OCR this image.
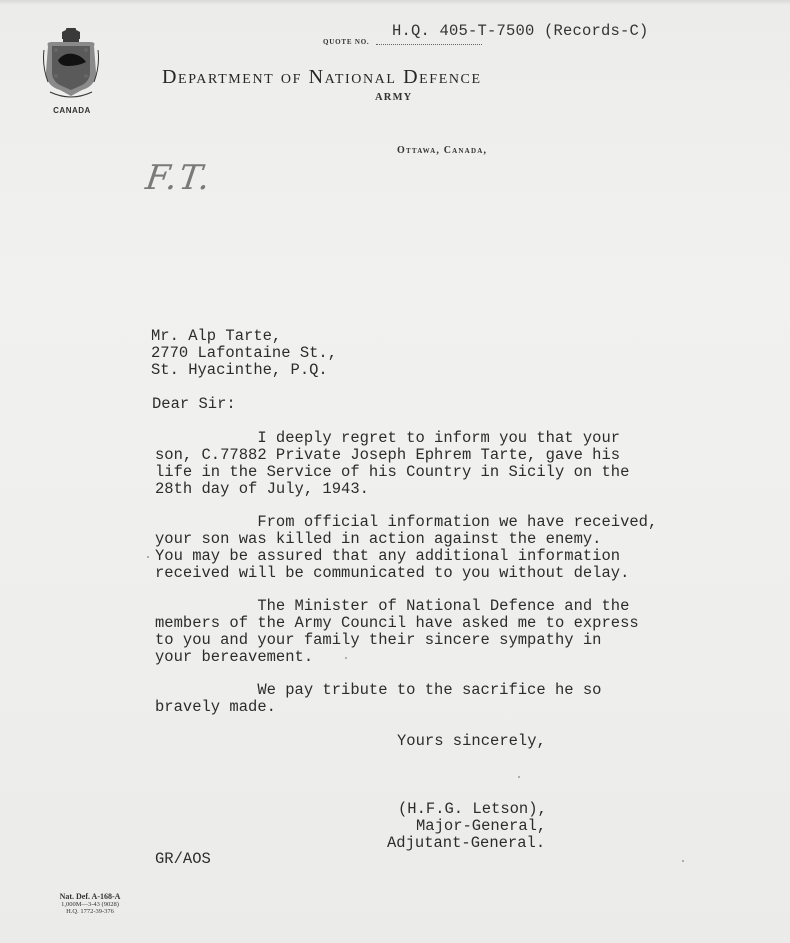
CANADA
H.Q. 405-T-7500 (Records-C)
QUOTE NO.
Department of National Defence
ARMY
Ottawa, Canada,
F.T.
Mr. Alp Tarte,
2770 Lafontaine St.,
St. Hyacinthe, P.Q.
Dear Sir:
I deeply regret to inform you that your
son, C.77882 Private Joseph Ephrem Tarte, gave his
life in the Service of his Country in Sicily on the
28th day of July, 1943.
From official information we have received,
your son was killed in action against the enemy.
You may be assured that any additional information
received will be communicated to you without delay.
The Minister of National Defence and the
members of the Army Council have asked me to express
to you and your family their sincere sympathy in
your bereavement.
We pay tribute to the sacrifice he so
bravely made.
Yours sincerely,
(H.F.G. Letson),
Major-General,
Adjutant-General.
GR/AOS
Nat. Def. A-168-A
1,000M—3-43 (9028)
H.Q. 1772-39-376
